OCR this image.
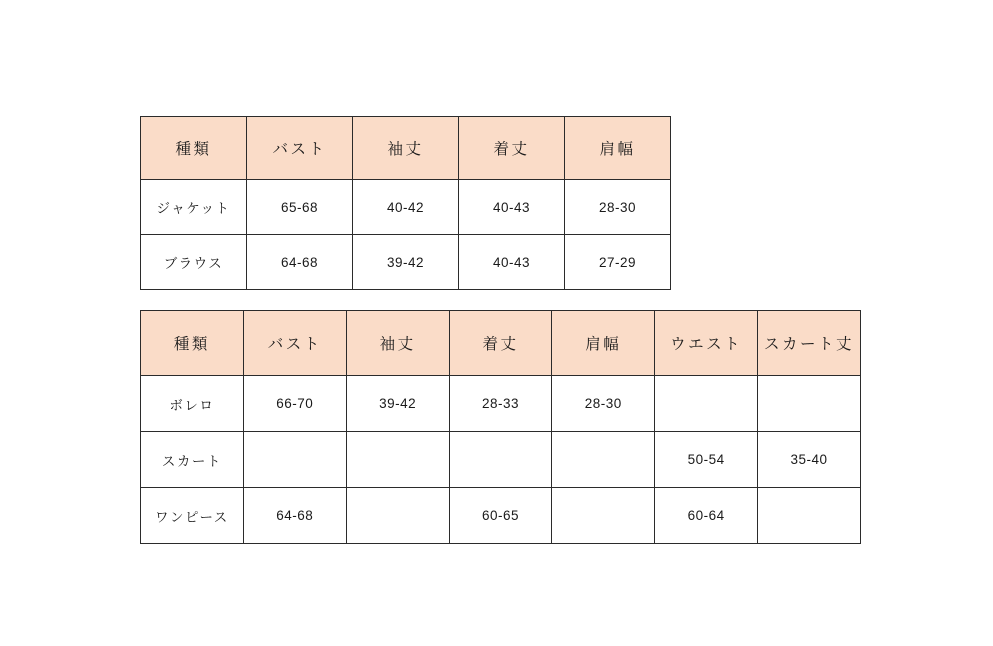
種類	バスト	袖丈	着丈	肩幅
ジャケット	65-68	40-42	40-43	28-30
ブラウス	64-68	39-42	40-43	27-29
種類	バスト	袖丈	着丈	肩幅	ウエスト	スカート丈
ボレロ	66-70	39-42	28-33	28-30		
スカート					50-54	35-40
ワンピース	64-68		60-65		60-64	
